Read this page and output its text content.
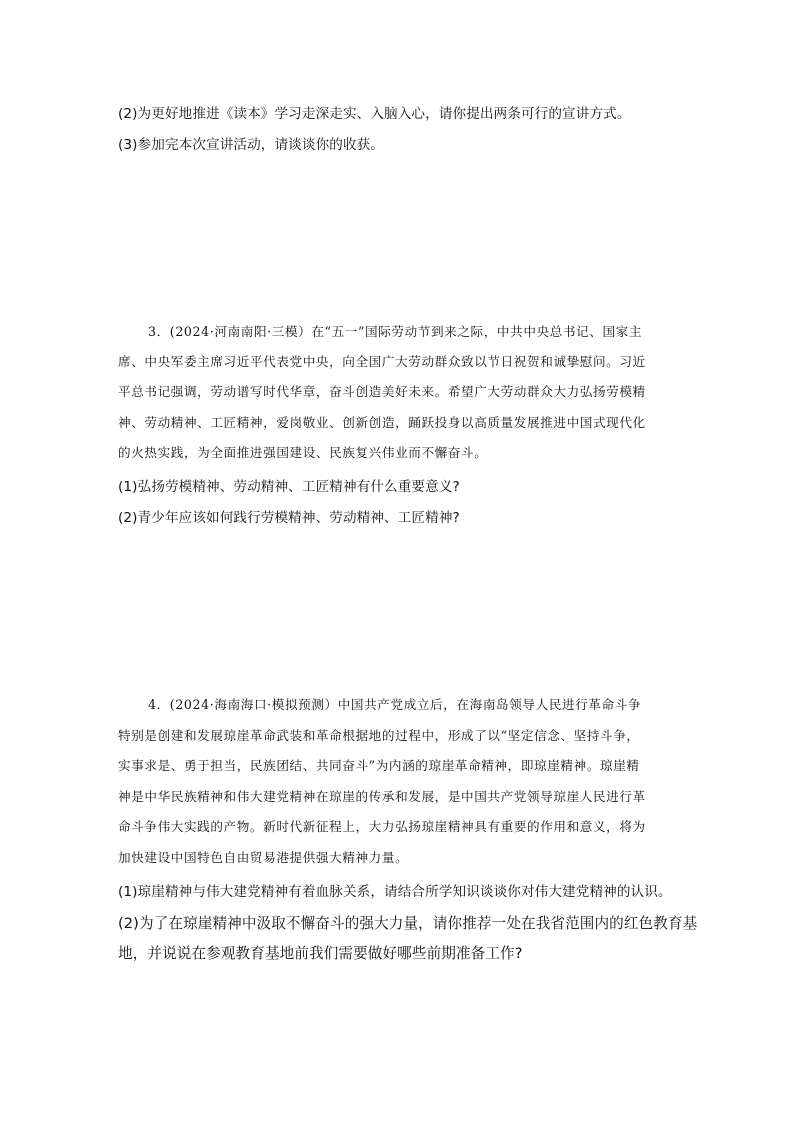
(2)为更好地推进《读本》学习走深走实、入脑入心，请你提出两条可行的宣讲方式。
(3)参加完本次宣讲活动，请谈谈你的收获。
3．(2024·河南南阳·三模）在“五一”国际劳动节到来之际，中共中央总书记、国家主
席、中央军委主席习近平代表党中央，向全国广大劳动群众致以节日祝贺和诚挚慰问。习近
平总书记强调，劳动谱写时代华章，奋斗创造美好未来。希望广大劳动群众大力弘扬劳模精
神、劳动精神、工匠精神，爱岗敬业、创新创造，踊跃投身以高质量发展推进中国式现代化
的火热实践，为全面推进强国建设、民族复兴伟业而不懈奋斗。
(1)弘扬劳模精神、劳动精神、工匠精神有什么重要意义?
(2)青少年应该如何践行劳模精神、劳动精神、工匠精神?
4．(2024·海南海口·模拟预测）中国共产党成立后，在海南岛领导人民进行革命斗争
特别是创建和发展琼崖革命武装和革命根据地的过程中，形成了以“坚定信念、坚持斗争，
实事求是、勇于担当，民族团结、共同奋斗”为内涵的琼崖革命精神，即琼崖精神。琼崖精
神是中华民族精神和伟大建党精神在琼崖的传承和发展，是中国共产党领导琼崖人民进行革
命斗争伟大实践的产物。新时代新征程上，大力弘扬琼崖精神具有重要的作用和意义，将为
加快建设中国特色自由贸易港提供强大精神力量。
(1)琼崖精神与伟大建党精神有着血脉关系，请结合所学知识谈谈你对伟大建党精神的认识。
(2)为了在琼崖精神中汲取不懈奋斗的强大力量，请你推荐一处在我省范围内的红色教育基
地，并说说在参观教育基地前我们需要做好哪些前期准备工作?
